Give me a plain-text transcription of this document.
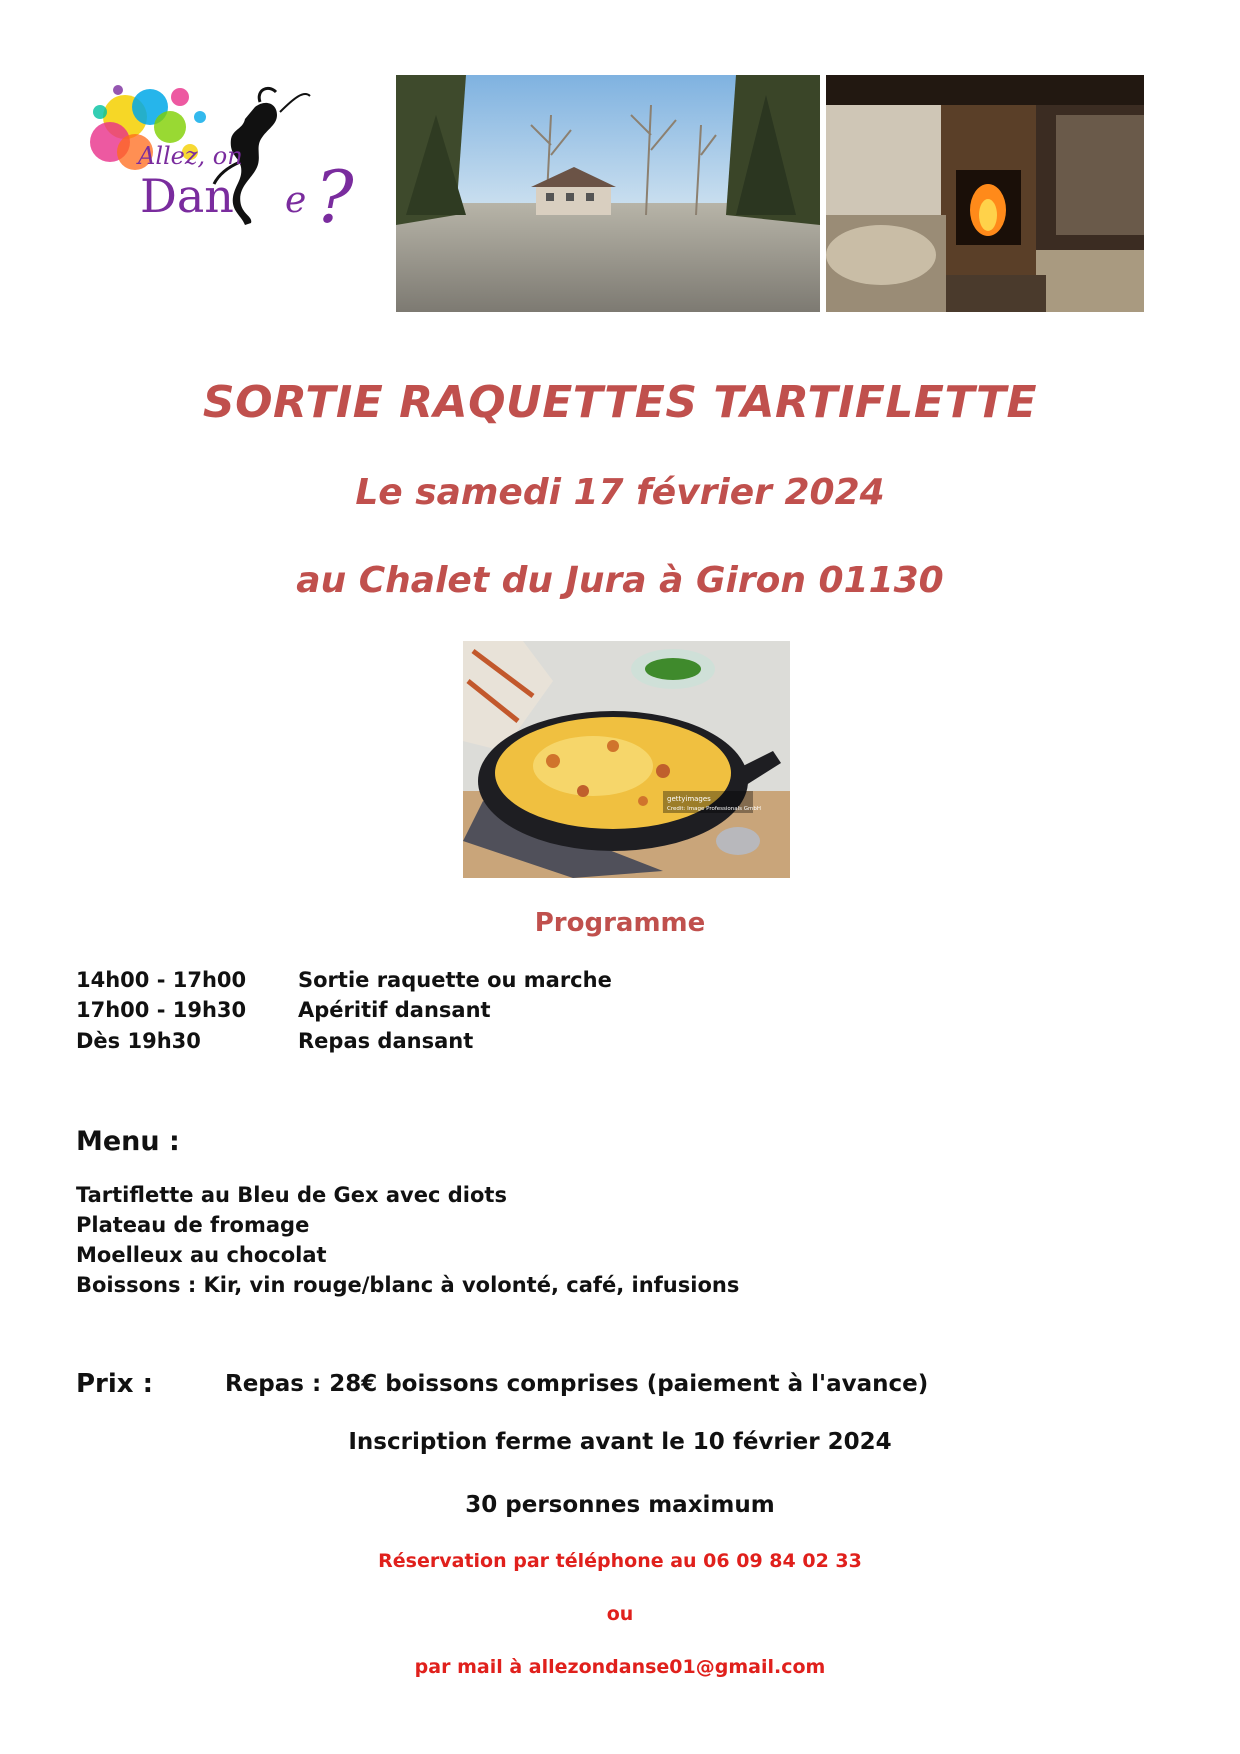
Allez, on
Dan e ?
SORTIE RAQUETTES TARTIFLETTE
Le samedi 17 février 2024
au Chalet du Jura à Giron 01130
gettyimages
Credit: Image Professionals GmbH
Programme
14h00 - 17h00	Sortie raquette ou marche
17h00 - 19h30	Apéritif dansant
Dès 19h30	Repas dansant
Menu :
Tartiflette au Bleu de Gex avec diots
Plateau de fromage
Moelleux au chocolat
Boissons : Kir, vin rouge/blanc à volonté, café, infusions
Prix :	Repas : 28€ boissons comprises (paiement à l'avance)
Inscription ferme avant le 10 février 2024
30 personnes maximum
Réservation par téléphone au 06 09 84 02 33
ou
par mail à allezondanse01@gmail.com
